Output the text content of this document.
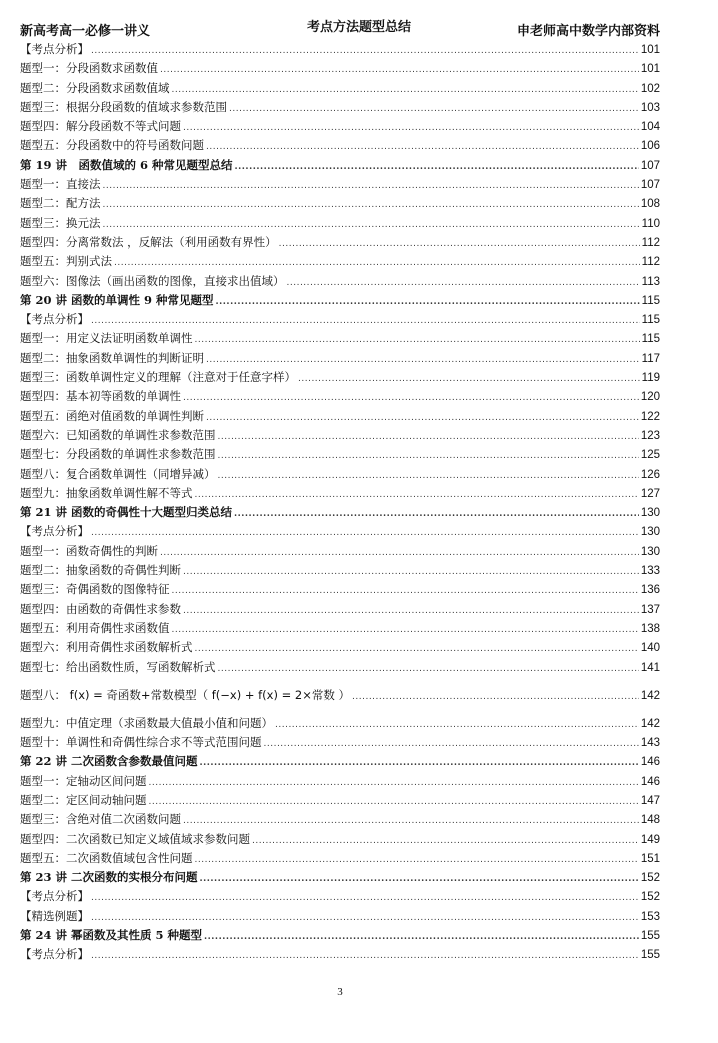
新高考高一必修一讲义	考点方法题型总结	申老师高中数学内部资料
【考点分析】 .....	101
题型一：分段函数求函数值 .....	101
题型二：分段函数求函数值域 .....	102
题型三：根据分段函数的值域求参数范围 .....	103
题型四：解分段函数不等式问题 .....	104
题型五：分段函数中的符号函数问题 .....	106
第 19 讲　函数值域的 6 种常见题型总结 .....	107
题型一：直接法 .....	107
题型二：配方法 .....	108
题型三：换元法 .....	110
题型四：分离常数法 ，反解法（利用函数有界性） .....	112
题型五：判别式法 .....	112
题型六：图像法（画出函数的图像，直接求出值域） .....	113
第 20 讲 函数的单调性 9 种常见题型 .....	115
【考点分析】 .....	115
题型一：用定义法证明函数单调性 .....	115
题型二：抽象函数单调性的判断证明 .....	117
题型三：函数单调性定义的理解（注意对于任意字样） .....	119
题型四：基本初等函数的单调性 .....	120
题型五：函绝对值函数的单调性判断 .....	122
题型六：已知函数的单调性求参数范围 .....	123
题型七：分段函数的单调性求参数范围 .....	125
题型八：复合函数单调性（同增异减） .....	126
题型九：抽象函数单调性解不等式 .....	127
第 21 讲 函数的奇偶性十大题型归类总结 .....	130
【考点分析】 .....	130
题型一：函数奇偶性的判断 .....	130
题型二：抽象函数的奇偶性判断 .....	133
题型三：奇偶函数的图像特征 .....	136
题型四：由函数的奇偶性求参数 .....	137
题型五：利用奇偶性求函数值 .....	138
题型六：利用奇偶性求函数解析式 .....	140
题型七：给出函数性质，写函数解析式 .....	141
题型八： f(x) = 奇函数+常数模型（ f(−x) + f(x) = 2×常数 ） .....	142
题型九：中值定理（求函数最大值最小值和问题） .....	142
题型十：单调性和奇偶性综合求不等式范围问题 .....	143
第 22 讲 二次函数含参数最值问题 .....	146
题型一：定轴动区间问题 .....	146
题型二：定区间动轴问题 .....	147
题型三：含绝对值二次函数问题 .....	148
题型四：二次函数已知定义域值域求参数问题 .....	149
题型五：二次函数值域包含性问题 .....	151
第 23 讲 二次函数的实根分布问题 .....	152
【考点分析】 .....	152
【精选例题】 .....	153
第 24 讲 幂函数及其性质 5 种题型 .....	155
【考点分析】 .....	155
3
